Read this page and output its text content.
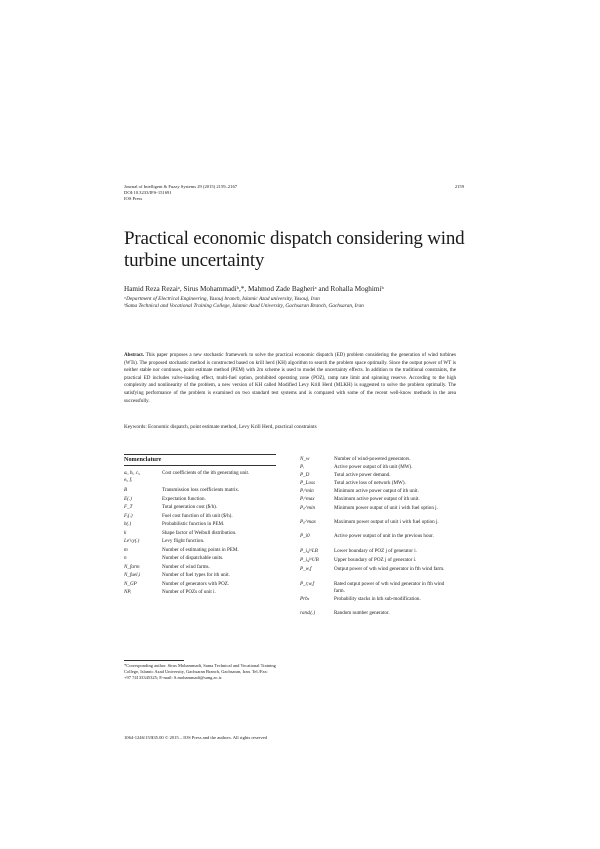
Journal of Intelligent & Fuzzy Systems 29 (2015) 2159–2167
DOI:10.3233/IFS-151691
IOS Press
2159
Practical economic dispatch considering wind
turbine uncertainty
Hamid Reza Rezaiᵃ, Sirus Mohammadiᵇ,*, Mahmod Zade Bagheriᵃ and Rohalla Moghimiᵇ
ᵃDepartment of Electrical Engineering, Yasouj branch, Islamic Azad university, Yasouj, Iran
ᵇSama Technical and Vocational Training College, Islamic Azad University, Gachsaran Branch, Gachsaran, Iran
Abstract. This paper proposes a new stochastic framework to solve the practical economic dispatch (ED) problem considering the generation of wind turbines (WTs). The proposed stochastic method is constructed based on krill herd (KH) algorithm to search the problem space optimally. Since the output power of WT is neither stable nor continues, point estimate method (PEM) with 2m scheme is used to model the uncertainty effects. In addition to the traditional constraints, the practical ED includes valve-loading effect, multi-fuel option, prohibited operating zone (POZ), ramp rate limit and spinning reserve. According to the high complexity and nonlinearity of the problem, a new version of KH called Modified Levy Krill Herd (MLKH) is suggested to solve the problem optimally. The satisfying performance of the problem is examined on two standard test systems and is compared with some of the recent well-know methods in the area successfully.
Keywords: Economic dispatch, point estimate method, Levy Krill Herd, practical constraints
Nomenclature
aᵢ, bᵢ, cᵢ,	Cost coefficients of the ith generating unit.
eᵢ, fᵢ
B	Transmission loss coefficients matrix.
E(.)	Expectation function.
F_T	Total generation cost ($/h).
Fᵢ(.)	Fuel cost function of ith unit ($/h).
h(.)	Probabilistic function in PEM.
k	Shape factor of Weibull distribution.
Le'vy(.)	Levy flight function.
m	Number of estimating points in PEM.
n	Number of dispatchable units.
N_farm	Number of wind farms.
N_fuel,i	Number of fuel types for ith unit.
N_GP	Number of generators with POZ.
NPᵢ	Number of POZs of unit i.
N_w	Number of wind-powered generators.
Pᵢ	Active power output of ith unit (MW).
P_D	Total active power demand.
P_Loss	Total active loss of network (MW).
Pᵢ^min	Minimum active power output of ith unit.
Pᵢ^max	Maximum active power output of ith unit.
Pᵢⱼ^min	Minimum power output of unit i with fuel option j.
Pᵢⱼ^max	Maximum power output of unit i with fuel option j.
P_i0	Active power output of unit in the previous hour.
P_i,j^LB	Lower boundary of POZ j of generator i.
P_i,j^UB	Upper boundary of POZ j of generator i.
P_w,f	Output power of wth wind generator in fth wind farm.
P_r,w,f	Rated output power of wth wind generator in fth wind farm.
Prbₖ	Probability stacks in kth sub-modification.
randᵢ(.)	Random number generator.
*Corresponding author. Sirus Mohammadi, Sama Technical and Vocational Training College, Islamic Azad University, Gachsaran Branch, Gachsaran, Iran. Tel./Fax: +97 74133345325; E-mail: S.mohammadi@sang.ac.ir.
1064-1246/15/$35.00 © 2015 – IOS Press and the authors. All rights reserved
